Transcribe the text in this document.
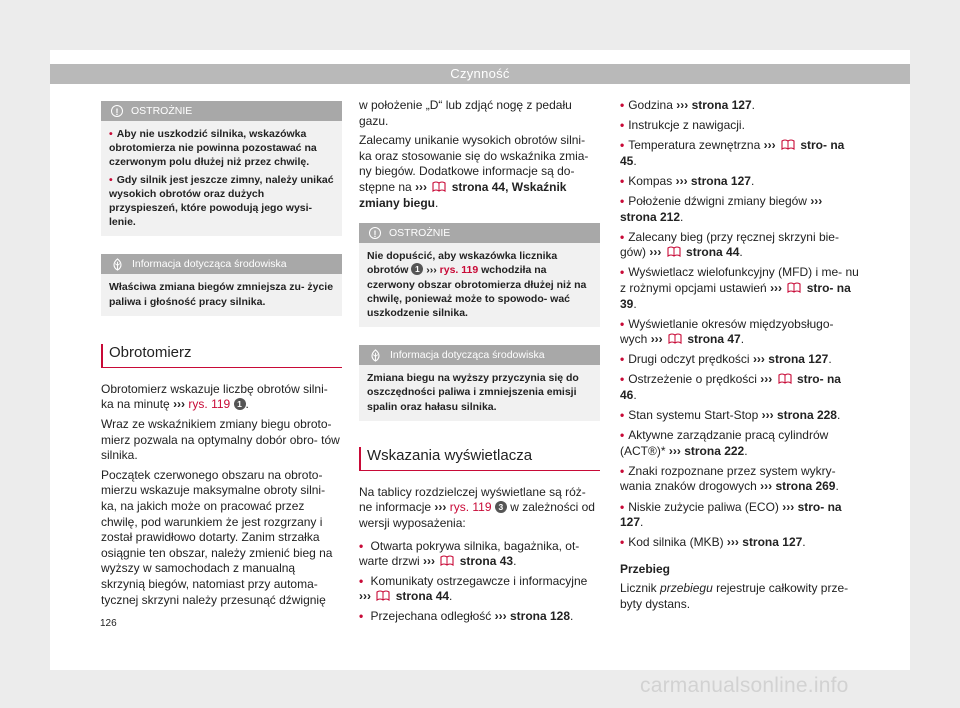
Czynność
!	OSTROŻNIE

• Aby nie uszkodzić silnika, wskazówka obrotomierza nie powinna pozostawać na czerwonym polu dłużej niż przez chwilę.

• Gdy silnik jest jeszcze zimny, należy unikać wysokich obrotów oraz dużych przyspieszeń, które powodują jego wysi- lenie.

Informacja dotycząca środowiska
Właściwa zmiana biegów zmniejsza zu- życie paliwa i głośność pracy silnika.
Obrotomierz

Obrotomierz wskazuje liczbę obrotów silni- ka na minutę ››› rys. 119 1 .

Wraz ze wskaźnikiem zmiany biegu obroto- mierz pozwala na optymalny dobór obro- tów silnika.

Początek czerwonego obszaru na obroto- mierzu wskazuje maksymalne obroty silni- ka, na jakich może on pracować przez chwilę, pod warunkiem że jest rozgrzany i został prawidłowo dotarty. Zanim strzałka osiągnie ten obszar, należy zmienić bieg na wyższy w samochodach z manualną skrzynią biegów, natomiast przy automa- tycznej skrzyni należy przesunąć dźwignię

w położenie „D“ lub zdjąć nogę z pedału gazu.

Zalecamy unikanie wysokich obrotów silni- ka oraz stosowanie się do wskaźnika zmia- ny biegów. Dodatkowe informacje są do- stępne na ››› strona 44, Wskaźnik zmiany biegu.

!	OSTROŻNIE
Nie dopuścić, aby wskazówka licznika obrotów 1 ››› rys. 119 wchodziła na czerwony obszar obrotomierza dłużej niż na chwilę, ponieważ może to spowodo- wać uszkodzenie silnika.
Informacja dotycząca środowiska
Zmiana biegu na wyższy przyczynia się do oszczędności paliwa i zmniejszenia emisji spalin oraz hałasu silnika.
Wskazania wyświetlacza

Na tablicy rozdzielczej wyświetlane są róż- ne informacje ››› rys. 119 3 w zależności od wersji wyposażenia:

• Otwarta pokrywa silnika, bagażnika, ot- warte drzwi ››› strona 43.

• Komunikaty ostrzegawcze i informacyjne ››› strona 44.

• Przejechana odległość ››› strona 128.

• Godzina ››› strona 127.

• Instrukcje z nawigacji.

• Temperatura zewnętrzna ››› stro- na 45.

• Kompas ››› strona 127.

• Położenie dźwigni zmiany biegów ››› strona 212.

• Zalecany bieg (przy ręcznej skrzyni bie- gów) ››› strona 44.

• Wyświetlacz wielofunkcyjny (MFD) i me- nu z rożnymi opcjami ustawień ››› stro- na 39.

• Wyświetlanie okresów międzyobsługo- wych ››› strona 47.

• Drugi odczyt prędkości ››› strona 127.

• Ostrzeżenie o prędkości ››› stro- na 46.

• Stan systemu Start-Stop ››› strona 228.

• Aktywne zarządzanie pracą cylindrów (ACT®)* ››› strona 222.

• Znaki rozpoznane przez system wykry- wania znaków drogowych ››› strona 269.

• Niskie zużycie paliwa (ECO) ››› stro- na 127.

• Kod silnika (MKB) ››› strona 127.

Przebieg

Licznik przebiegu rejestruje całkowity prze- byty dystans.

126
carmanualsonline.info
